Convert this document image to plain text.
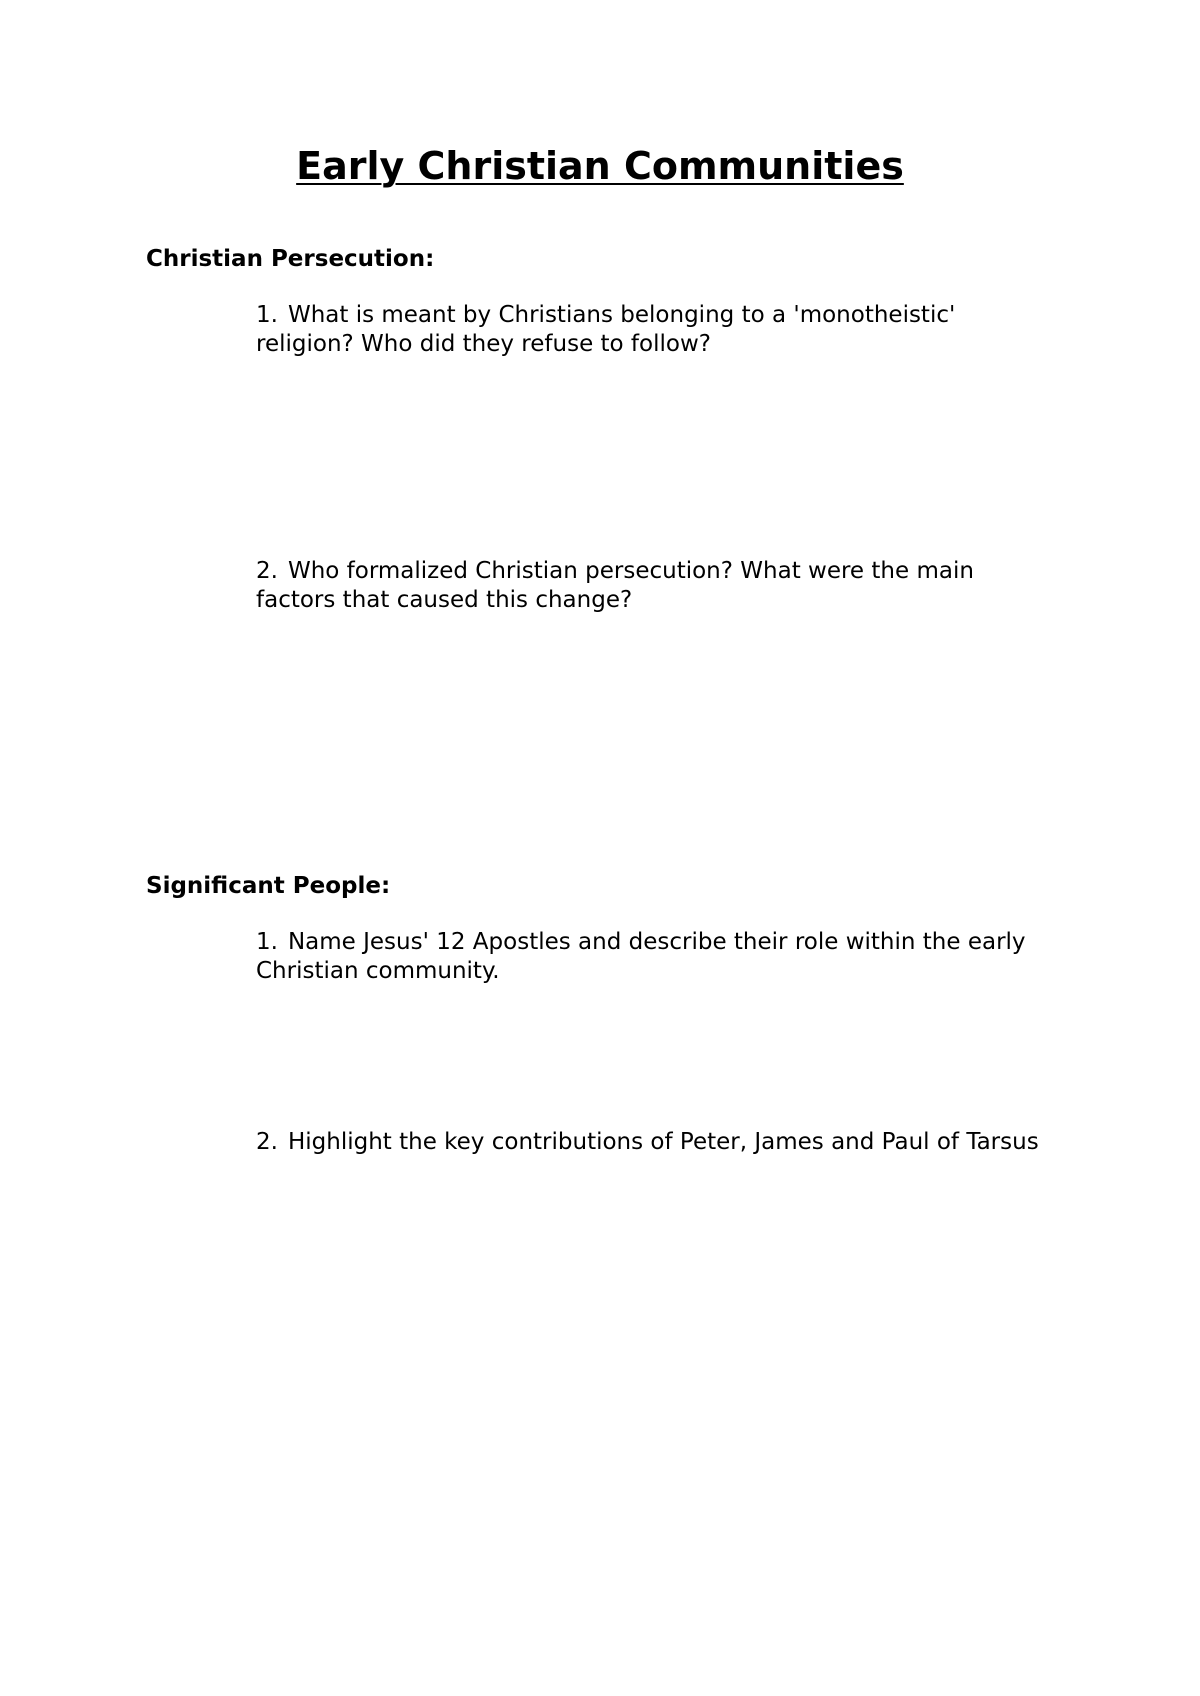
Early Christian Communities
Christian Persecution:
1. What is meant by Christians belonging to a 'monotheistic' religion? Who did they refuse to follow?
2. Who formalized Christian persecution? What were the main factors that caused this change?
Significant People:
1. Name Jesus' 12 Apostles and describe their role within the early Christian community.
2. Highlight the key contributions of Peter, James and Paul of Tarsus
